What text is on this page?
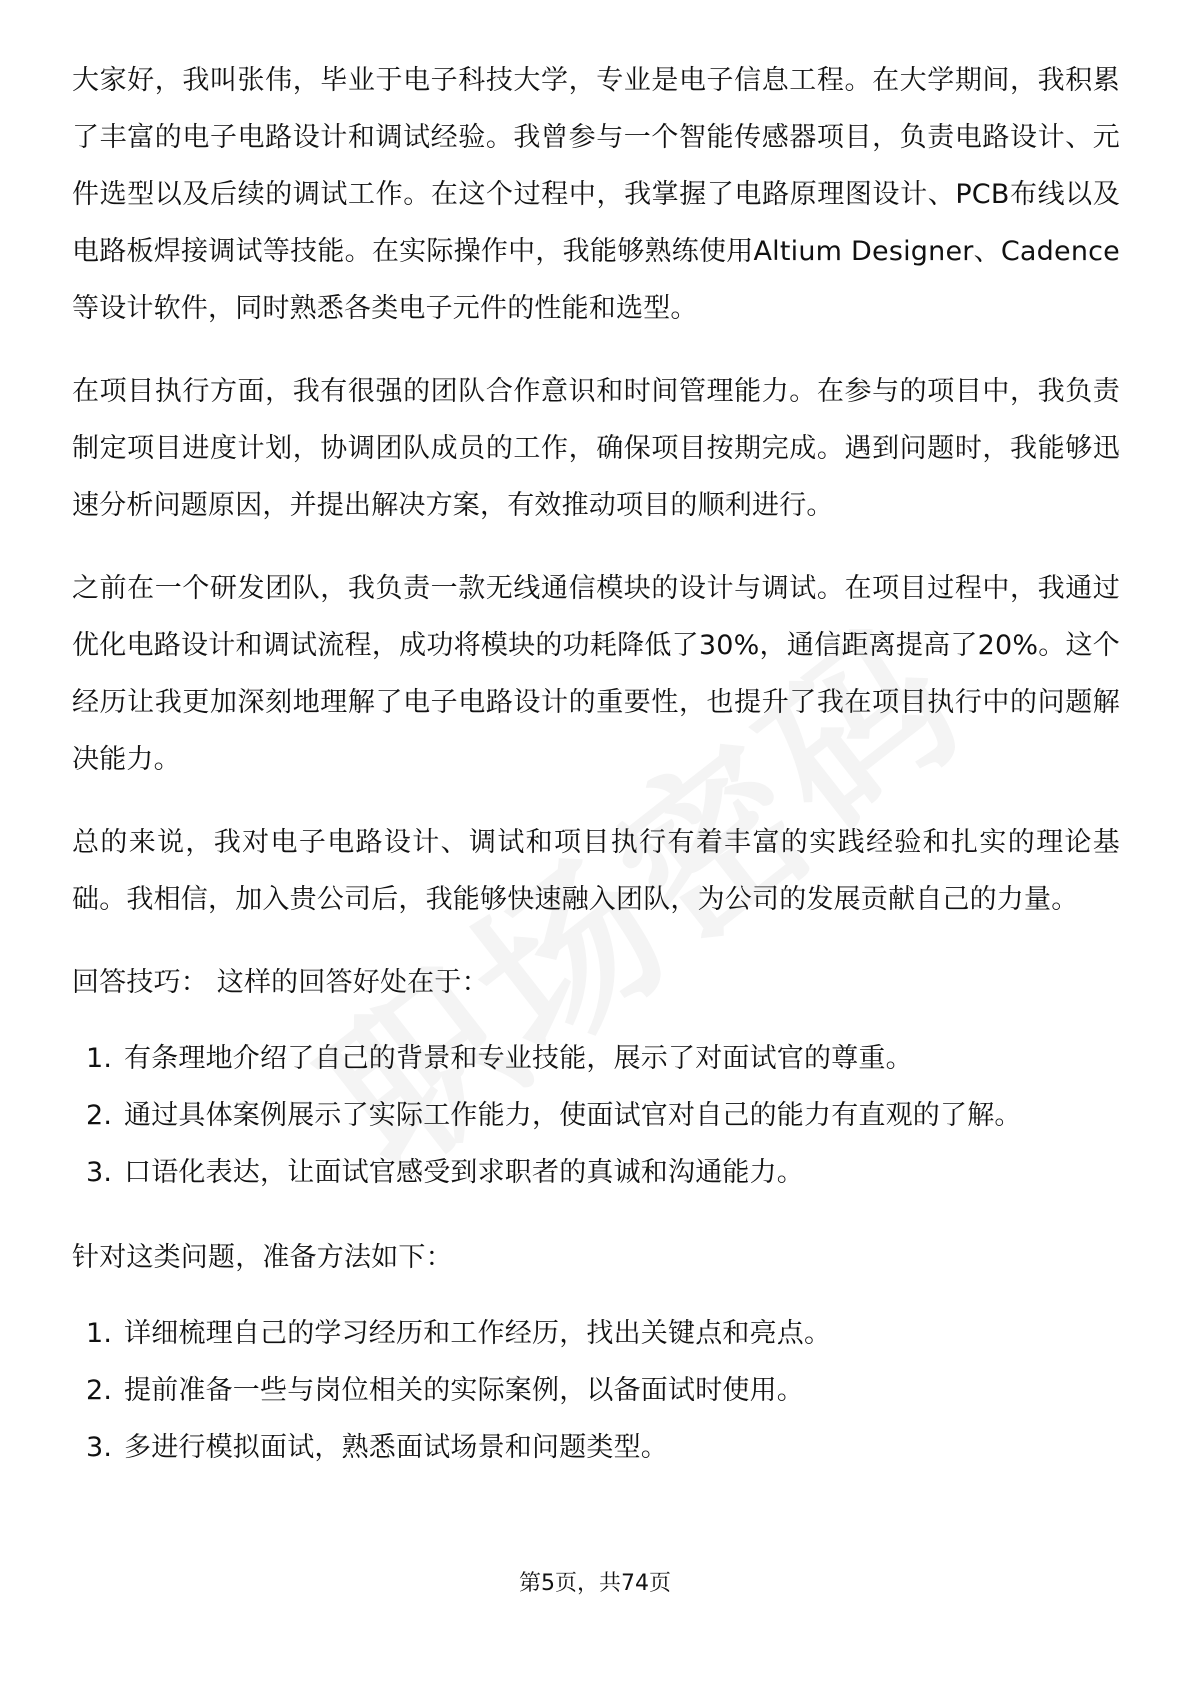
大家好，我叫张伟，毕业于电子科技大学，专业是电子信息工程。在大学期间，我积累了丰富的电子电路设计和调试经验。我曾参与一个智能传感器项目，负责电路设计、元件选型以及后续的调试工作。在这个过程中，我掌握了电路原理图设计、PCB布线以及电路板焊接调试等技能。在实际操作中，我能够熟练使用Altium Designer、Cadence等设计软件，同时熟悉各类电子元件的性能和选型。

在项目执行方面，我有很强的团队合作意识和时间管理能力。在参与的项目中，我负责制定项目进度计划，协调团队成员的工作，确保项目按期完成。遇到问题时，我能够迅速分析问题原因，并提出解决方案，有效推动项目的顺利进行。

之前在一个研发团队，我负责一款无线通信模块的设计与调试。在项目过程中，我通过优化电路设计和调试流程，成功将模块的功耗降低了30%，通信距离提高了20%。这个经历让我更加深刻地理解了电子电路设计的重要性，也提升了我在项目执行中的问题解决能力。

总的来说，我对电子电路设计、调试和项目执行有着丰富的实践经验和扎实的理论基础。我相信，加入贵公司后，我能够快速融入团队，为公司的发展贡献自己的力量。

回答技巧： 这样的回答好处在于：

1. 有条理地介绍了自己的背景和专业技能，展示了对面试官的尊重。
2. 通过具体案例展示了实际工作能力，使面试官对自己的能力有直观的了解。
3. 口语化表达，让面试官感受到求职者的真诚和沟通能力。

针对这类问题，准备方法如下：

1. 详细梳理自己的学习经历和工作经历，找出关键点和亮点。
2. 提前准备一些与岗位相关的实际案例，以备面试时使用。
3. 多进行模拟面试，熟悉面试场景和问题类型。
第5页，共74页
